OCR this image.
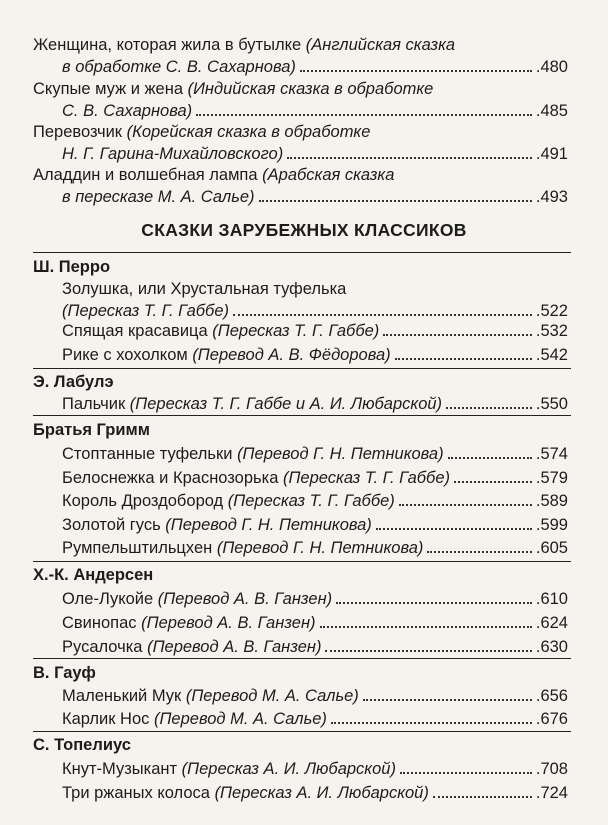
Женщина, которая жила в бутылке (Английская сказка
в обработке С. В. Сахарнова)	.480
Скупые муж и жена (Индийская сказка в обработке
С. В. Сахарнова)	.485
Перевозчик (Корейская сказка в обработке
Н. Г. Гарина-Михайловского)	.491
Аладдин и волшебная лампа (Арабская сказка
в пересказе М. А. Салье)	.493
СКАЗКИ ЗАРУБЕЖНЫХ КЛАССИКОВ
Ш. Перро
Золушка, или Хрустальная туфелька
(Пересказ Т. Г. Габбе)	.522
Спящая красавица
(Пересказ Т. Г. Габбе)	.532
Рике с хохолком
(Перевод А. В. Фёдорова)	.542
Э. Лабулэ
Пальчик
(Пересказ Т. Г. Габбе и А. И. Любарской)	.550
Братья Гримм
Стоптанные туфельки
(Перевод Г. Н. Петникова)	.574
Белоснежка и Краснозорька
(Пересказ Т. Г. Габбе)	.579
Король Дроздобород
(Пересказ Т. Г. Габбе)	.589
Золотой гусь
(Перевод Г. Н. Петникова)	.599
Румпельштильцхен
(Перевод Г. Н. Петникова)	.605
Х.-К. Андерсен
Оле-Лукойе
(Перевод А. В. Ганзен)	.610
Свинопас
(Перевод А. В. Ганзен)	.624
Русалочка
(Перевод А. В. Ганзен)	.630
В. Гауф
Маленький Мук
(Перевод М. А. Салье)	.656
Карлик Нос
(Перевод М. А. Салье)	.676
С. Топелиус
Кнут-Музыкант
(Пересказ А. И. Любарской)	.708
Три ржаных колоса
(Пересказ А. И. Любарской)	.724
